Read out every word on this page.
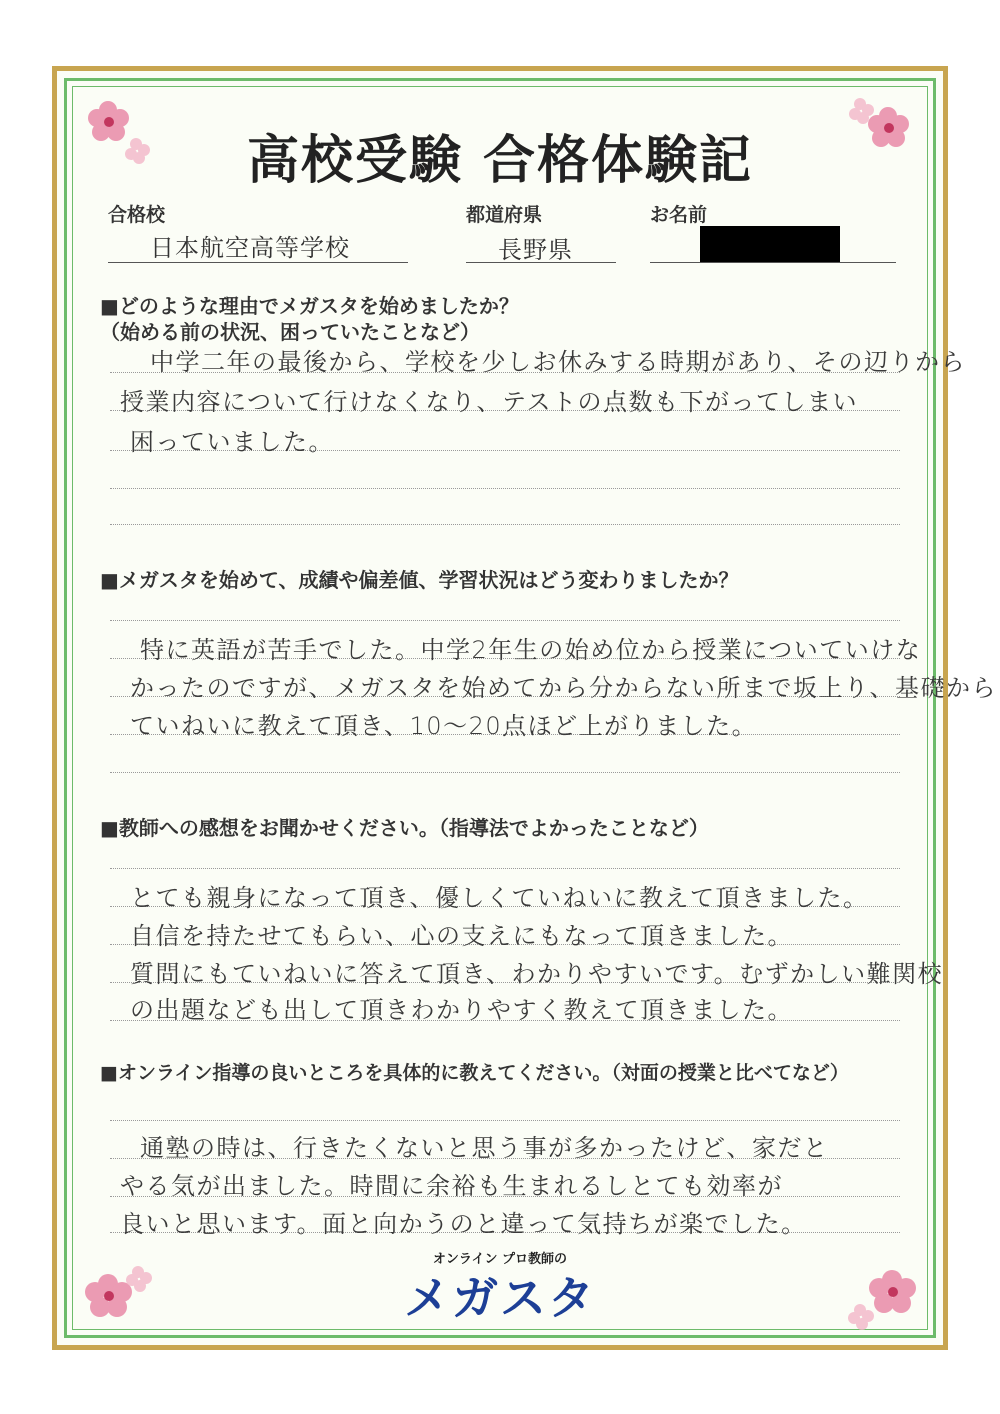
高校受験 合格体験記
合格校
日本航空高等学校
都道府県
長野県
お名前
■どのような理由でメガスタを始めましたか？
（始める前の状況、困っていたことなど）
中学二年の最後から、学校を少しお休みする時期があり、その辺りから
授業内容について行けなくなり、テストの点数も下がってしまい
困っていました。
■メガスタを始めて、成績や偏差値、学習状況はどう変わりましたか？
特に英語が苦手でした。中学2年生の始め位から授業についていけな
かったのですが、メガスタを始めてから分からない所まで坂上り、基礎から
ていねいに教えて頂き、10～20点ほど上がりました。
■教師への感想をお聞かせください。（指導法でよかったことなど）
とても親身になって頂き、優しくていねいに教えて頂きました。
自信を持たせてもらい、心の支えにもなって頂きました。
質問にもていねいに答えて頂き、わかりやすいです。むずかしい難関校
の出題なども出して頂きわかりやすく教えて頂きました。
■オンライン指導の良いところを具体的に教えてください。（対面の授業と比べてなど）
通塾の時は、行きたくないと思う事が多かったけど、家だと
やる気が出ました。時間に余裕も生まれるしとても効率が
良いと思います。面と向かうのと違って気持ちが楽でした。
オンライン プロ教師の
メガスタ
